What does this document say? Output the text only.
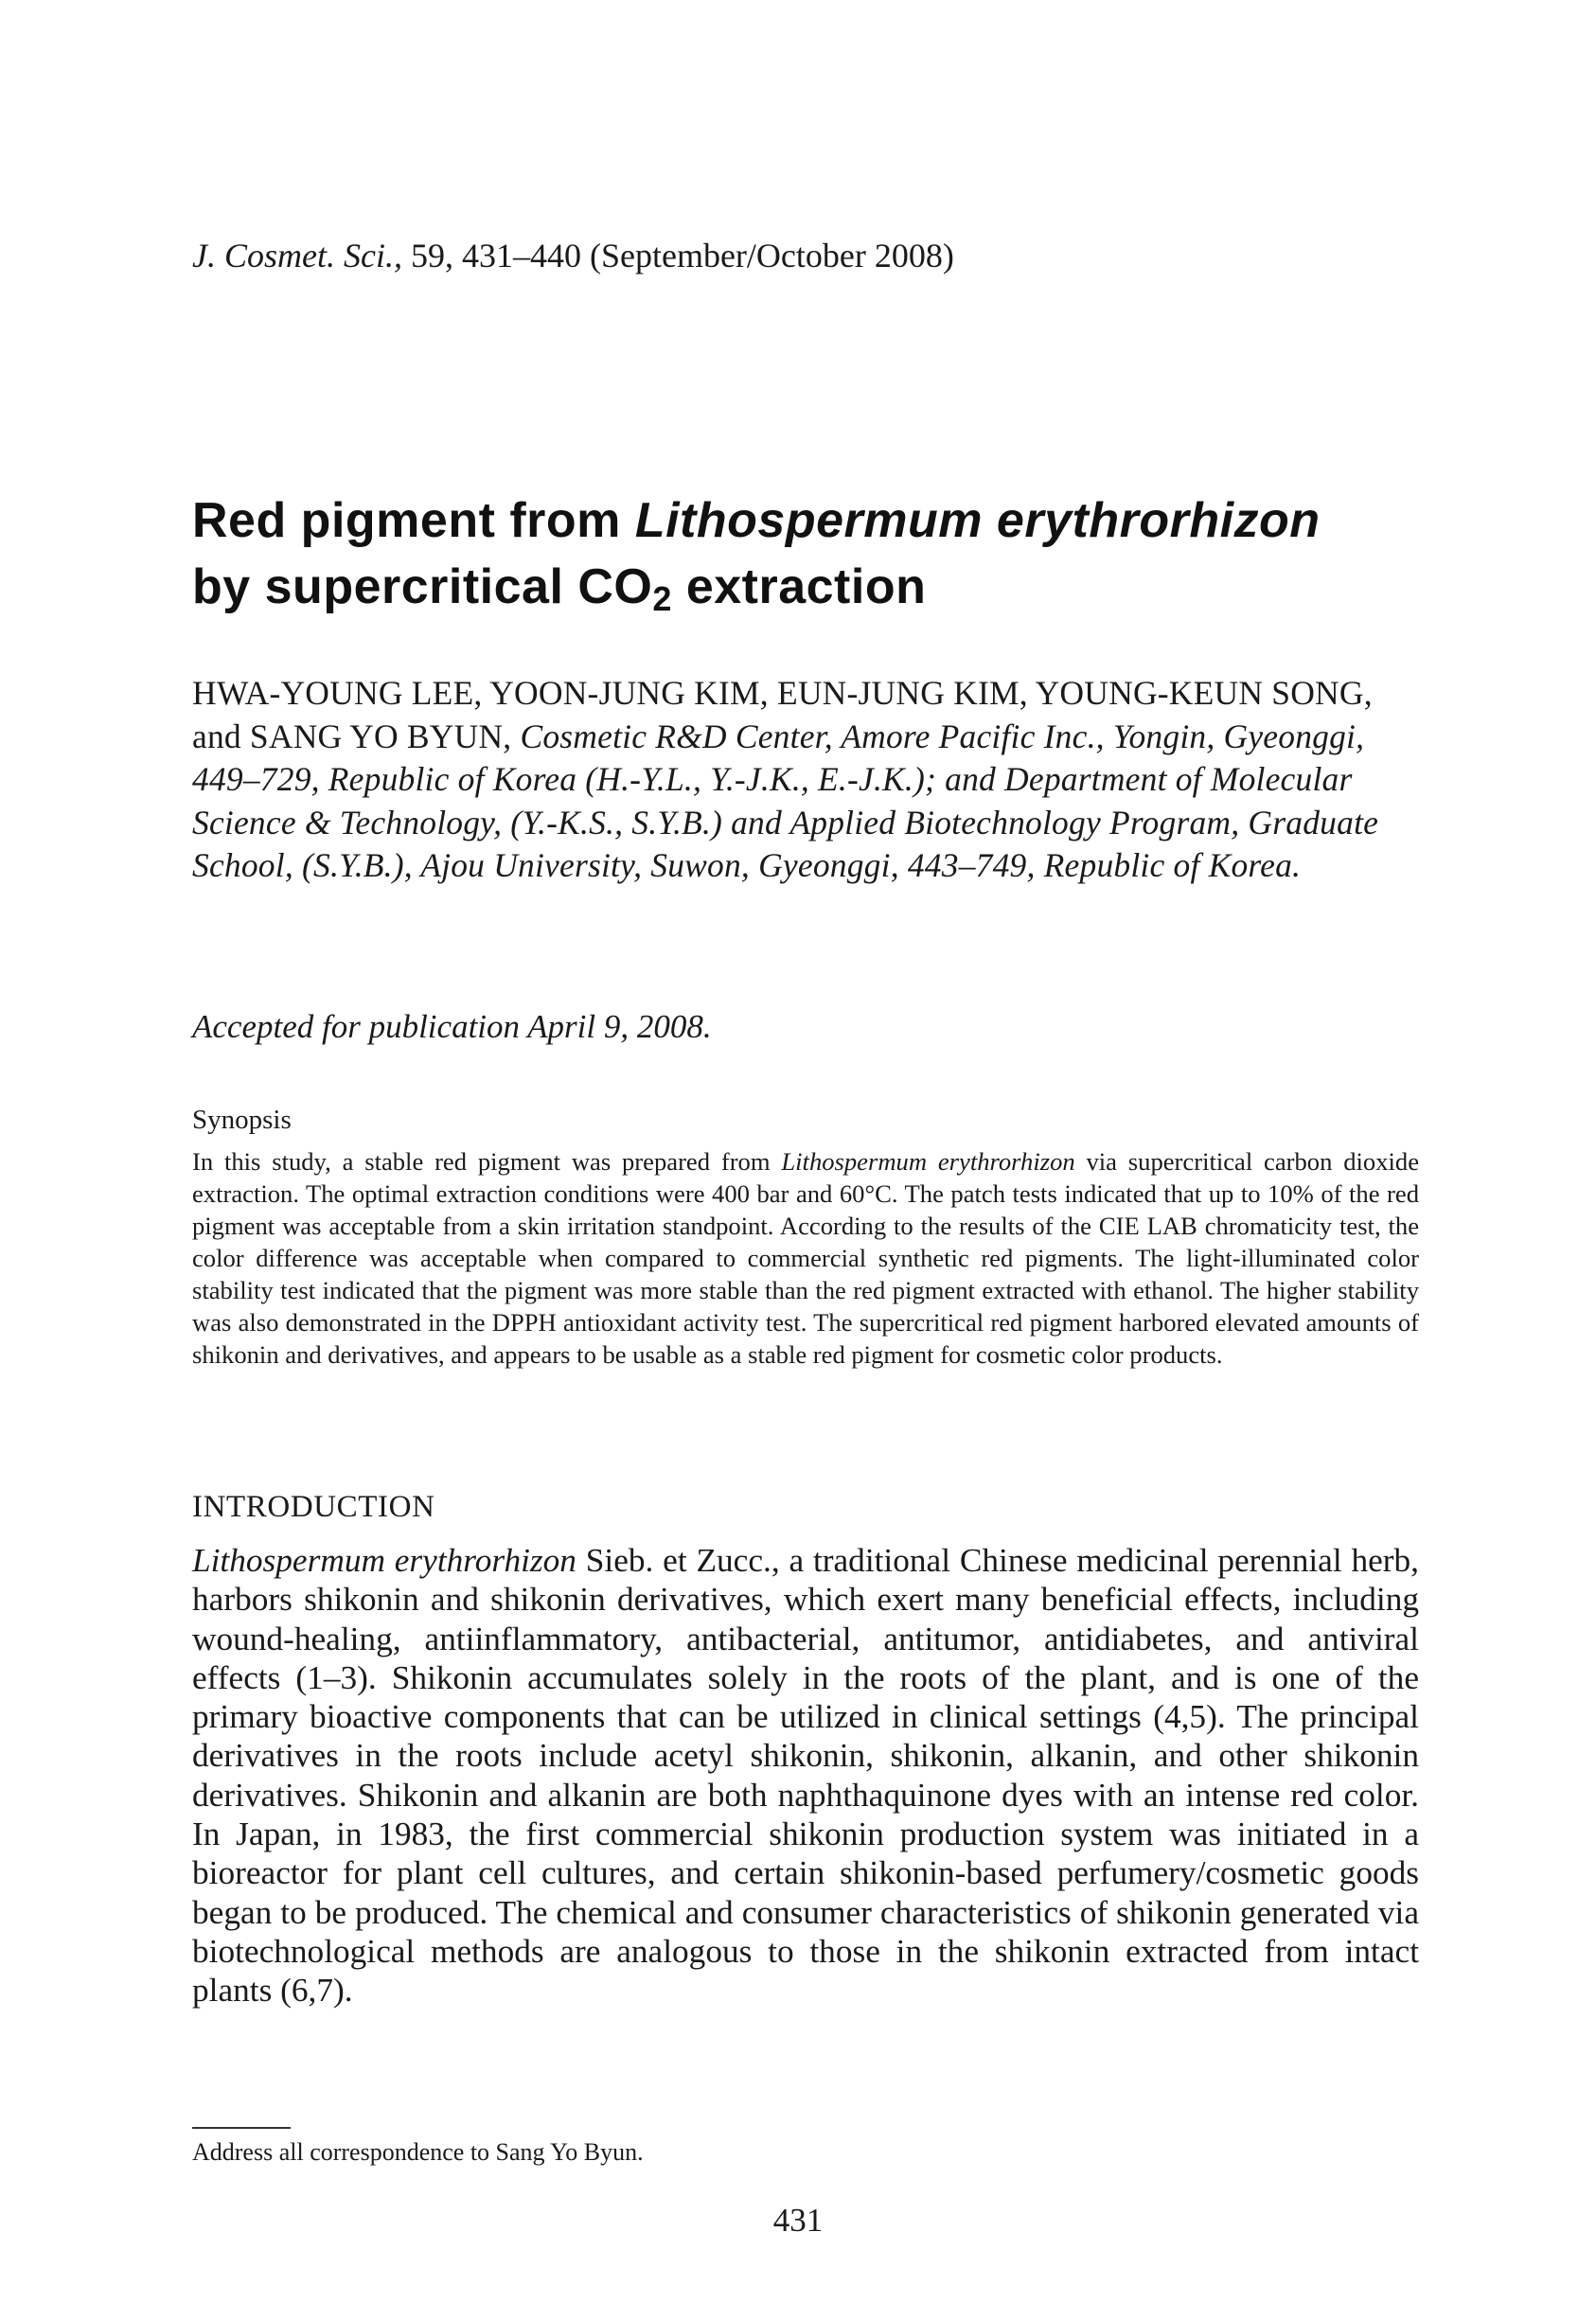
J. Cosmet. Sci., 59, 431–440 (September/October 2008)
Red pigment from Lithospermum erythrorhizon
by supercritical $CO_2$ extraction
HWA-YOUNG LEE, YOON-JUNG KIM, EUN-JUNG KIM, YOUNG-KEUN SONG, and SANG YO BYUN, Cosmetic R&D Center, Amore Pacific Inc., Yongin, Gyeonggi, 449–729, Republic of Korea (H.-Y.L., Y.-J.K., E.-J.K.); and Department of Molecular Science & Technology, (Y.-K.S., S.Y.B.) and Applied Biotechnology Program, Graduate School, (S.Y.B.), Ajou University, Suwon, Gyeonggi, 443–749, Republic of Korea.
Accepted for publication April 9, 2008.
Synopsis
In this study, a stable red pigment was prepared from Lithospermum erythrorhizon via supercritical carbon dioxide extraction. The optimal extraction conditions were 400 bar and 60°C. The patch tests indicated that up to 10% of the red pigment was acceptable from a skin irritation standpoint. According to the results of the CIE LAB chromaticity test, the color difference was acceptable when compared to commercial synthetic red pigments. The light-illuminated color stability test indicated that the pigment was more stable than the red pigment extracted with ethanol. The higher stability was also demonstrated in the DPPH antioxidant activity test. The supercritical red pigment harbored elevated amounts of shikonin and derivatives, and appears to be usable as a stable red pigment for cosmetic color products.
INTRODUCTION
Lithospermum erythrorhizon Sieb. et Zucc., a traditional Chinese medicinal perennial herb, harbors shikonin and shikonin derivatives, which exert many beneficial effects, including wound-healing, antiinflammatory, antibacterial, antitumor, antidiabetes, and antiviral effects (1–3). Shikonin accumulates solely in the roots of the plant, and is one of the primary bioactive components that can be utilized in clinical settings (4,5). The principal derivatives in the roots include acetyl shikonin, shikonin, alkanin, and other shikonin derivatives. Shikonin and alkanin are both naphthaquinone dyes with an intense red color. In Japan, in 1983, the first commercial shikonin production system was initiated in a bioreactor for plant cell cultures, and certain shikonin-based perfumery/cosmetic goods began to be produced. The chemical and consumer characteristics of shikonin generated via biotechnological methods are analogous to those in the shikonin extracted from intact plants (6,7).
Address all correspondence to Sang Yo Byun.
431
